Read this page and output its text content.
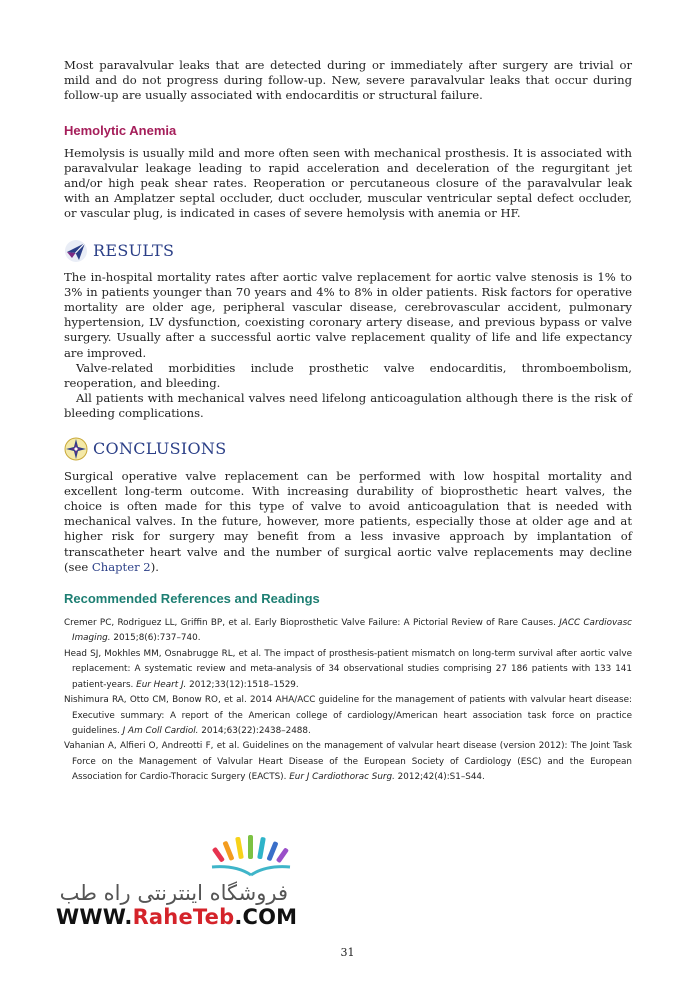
Most paravalvular leaks that are detected during or immediately after surgery are trivial or mild and do not progress during follow-up. New, severe paravalvular leaks that occur during follow-up are usually associated with endocarditis or structural failure.

Hemolytic Anemia

Hemolysis is usually mild and more often seen with mechanical prosthesis. It is associated with paravalvular leakage leading to rapid acceleration and deceleration of the regurgitant jet and/or high peak shear rates. Reoperation or percutaneous closure of the paravalvular leak with an Amplatzer septal occluder, duct occluder, muscular ventricular septal defect occluder, or vascular plug, is indicated in cases of severe hemolysis with anemia or HF.

RESULTS

The in-hospital mortality rates after aortic valve replacement for aortic valve stenosis is 1% to 3% in patients younger than 70 years and 4% to 8% in older patients. Risk factors for operative mortality are older age, peripheral vascular disease, cerebrovascular accident, pulmonary hypertension, LV dysfunction, coexisting coronary artery disease, and previous bypass or valve surgery. Usually after a successful aortic valve replacement quality of life and life expectancy are improved.

Valve-related morbidities include prosthetic valve endocarditis, thromboembolism, reoperation, and bleeding.

All patients with mechanical valves need lifelong anticoagulation although there is the risk of bleeding complications.

CONCLUSIONS

Surgical operative valve replacement can be performed with low hospital mortality and excellent long-term outcome. With increasing durability of bioprosthetic heart valves, the choice is often made for this type of valve to avoid anticoagulation that is needed with mechanical valves. In the future, however, more patients, especially those at older age and at higher risk for surgery may benefit from a less invasive approach by implantation of transcatheter heart valve and the number of surgical aortic valve replacements may decline (see Chapter 2).

Recommended References and Readings

Cremer PC, Rodriguez LL, Griffin BP, et al. Early Bioprosthetic Valve Failure: A Pictorial Review of Rare Causes. JACC Cardiovasc Imaging. 2015;8(6):737–740.

Head SJ, Mokhles MM, Osnabrugge RL, et al. The impact of prosthesis-patient mismatch on long-term survival after aortic valve replacement: A systematic review and meta-analysis of 34 observational studies comprising 27 186 patients with 133 141 patient-years. Eur Heart J. 2012;33(12):1518–1529.

Nishimura RA, Otto CM, Bonow RO, et al. 2014 AHA/ACC guideline for the management of patients with valvular heart disease: Executive summary: A report of the American college of cardiology/American heart association task force on practice guidelines. J Am Coll Cardiol. 2014;63(22):2438–2488.

Vahanian A, Alfieri O, Andreotti F, et al. Guidelines on the management of valvular heart disease (version 2012): The Joint Task Force on the Management of Valvular Heart Disease of the European Society of Cardiology (ESC) and the European Association for Cardio-Thoracic Surgery (EACTS). Eur J Cardiothorac Surg. 2012;42(4):S1–S44.

فروشگاه اینترنتی راه طب
WWW.RaheTeb.COM
31
